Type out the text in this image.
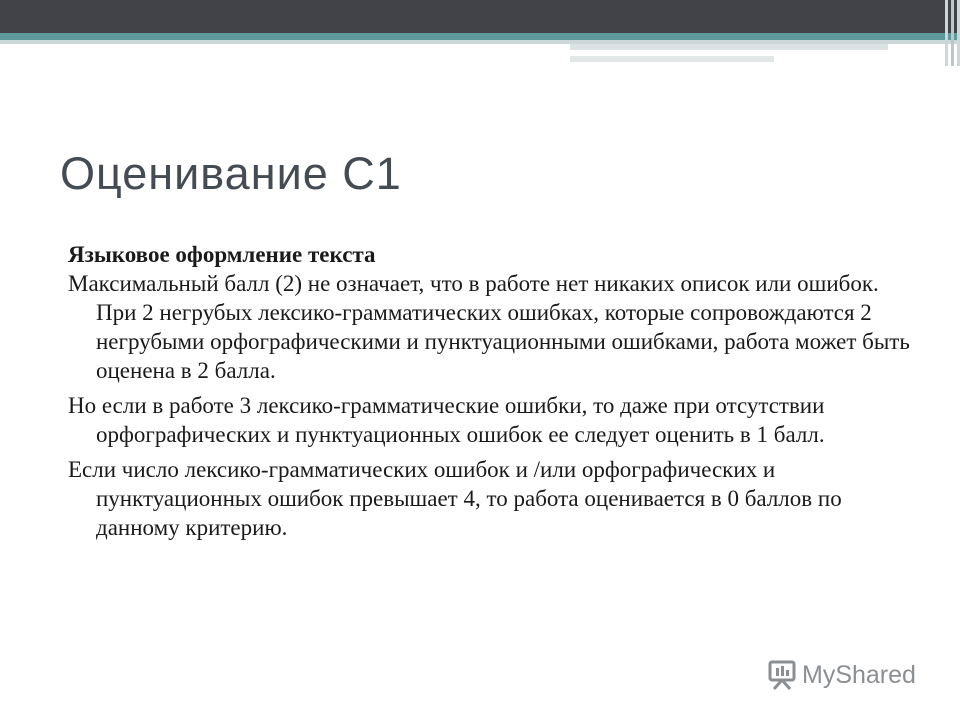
Оценивание С1
Языковое оформление текста
Максимальный балл (2) не означает, что в работе нет никаких описок или ошибок. При 2 негрубых лексико-грамматических ошибках, которые сопровождаются 2 негрубыми орфографическими и пунктуационными ошибками, работа может быть оценена в 2 балла.
Но если в работе 3 лексико-грамматические ошибки, то даже при отсутствии орфографических и пунктуационных ошибок ее следует оценить в 1 балл.
Если число лексико-грамматических ошибок и /или орфографических и пунктуационных ошибок превышает 4, то работа оценивается в 0 баллов по данному критерию.
MyShared
